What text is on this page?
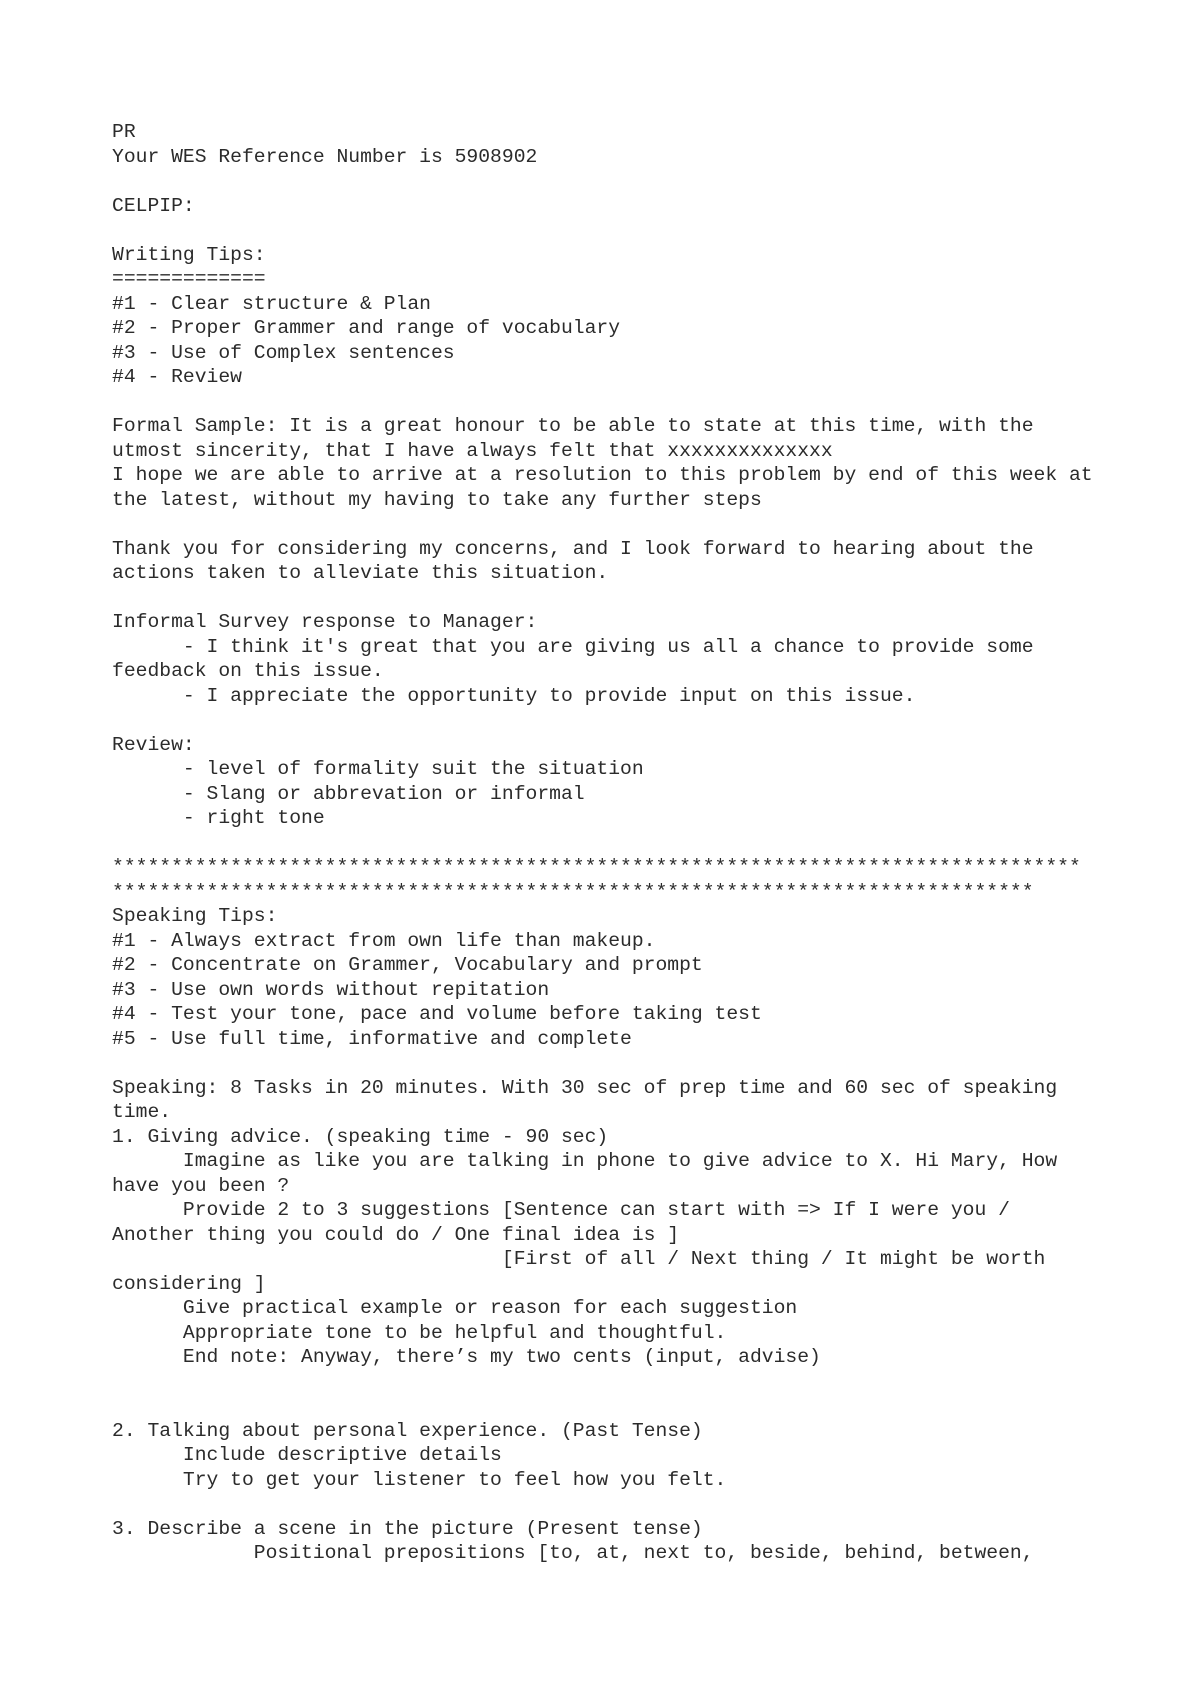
PR
Your WES Reference Number is 5908902
CELPIP:
Writing Tips:
=============
#1 - Clear structure & Plan
#2 - Proper Grammer and range of vocabulary
#3 - Use of Complex sentences
#4 - Review
Formal Sample: It is a great honour to be able to state at this time, with the
utmost sincerity, that I have always felt that xxxxxxxxxxxxxx
I hope we are able to arrive at a resolution to this problem by end of this week at
the latest, without my having to take any further steps
Thank you for considering my concerns, and I look forward to hearing about the
actions taken to alleviate this situation.
Informal Survey response to Manager:
- I think it's great that you are giving us all a chance to provide some
feedback on this issue.
- I appreciate the opportunity to provide input on this issue.
Review:
- level of formality suit the situation
- Slang or abbrevation or informal
- right tone
**********************************************************************************
******************************************************************************
Speaking Tips:
#1 - Always extract from own life than makeup.
#2 - Concentrate on Grammer, Vocabulary and prompt
#3 - Use own words without repitation
#4 - Test your tone, pace and volume before taking test
#5 - Use full time, informative and complete
Speaking: 8 Tasks in 20 minutes. With 30 sec of prep time and 60 sec of speaking
time.
1. Giving advice. (speaking time - 90 sec)
Imagine as like you are talking in phone to give advice to X. Hi Mary, How
have you been ?
Provide 2 to 3 suggestions [Sentence can start with => If I were you /
Another thing you could do / One final idea is ]
[First of all / Next thing / It might be worth
considering ]
Give practical example or reason for each suggestion
Appropriate tone to be helpful and thoughtful.
End note: Anyway, there’s my two cents (input, advise)
2. Talking about personal experience. (Past Tense)
Include descriptive details
Try to get your listener to feel how you felt.
3. Describe a scene in the picture (Present tense)
Positional prepositions [to, at, next to, beside, behind, between,
